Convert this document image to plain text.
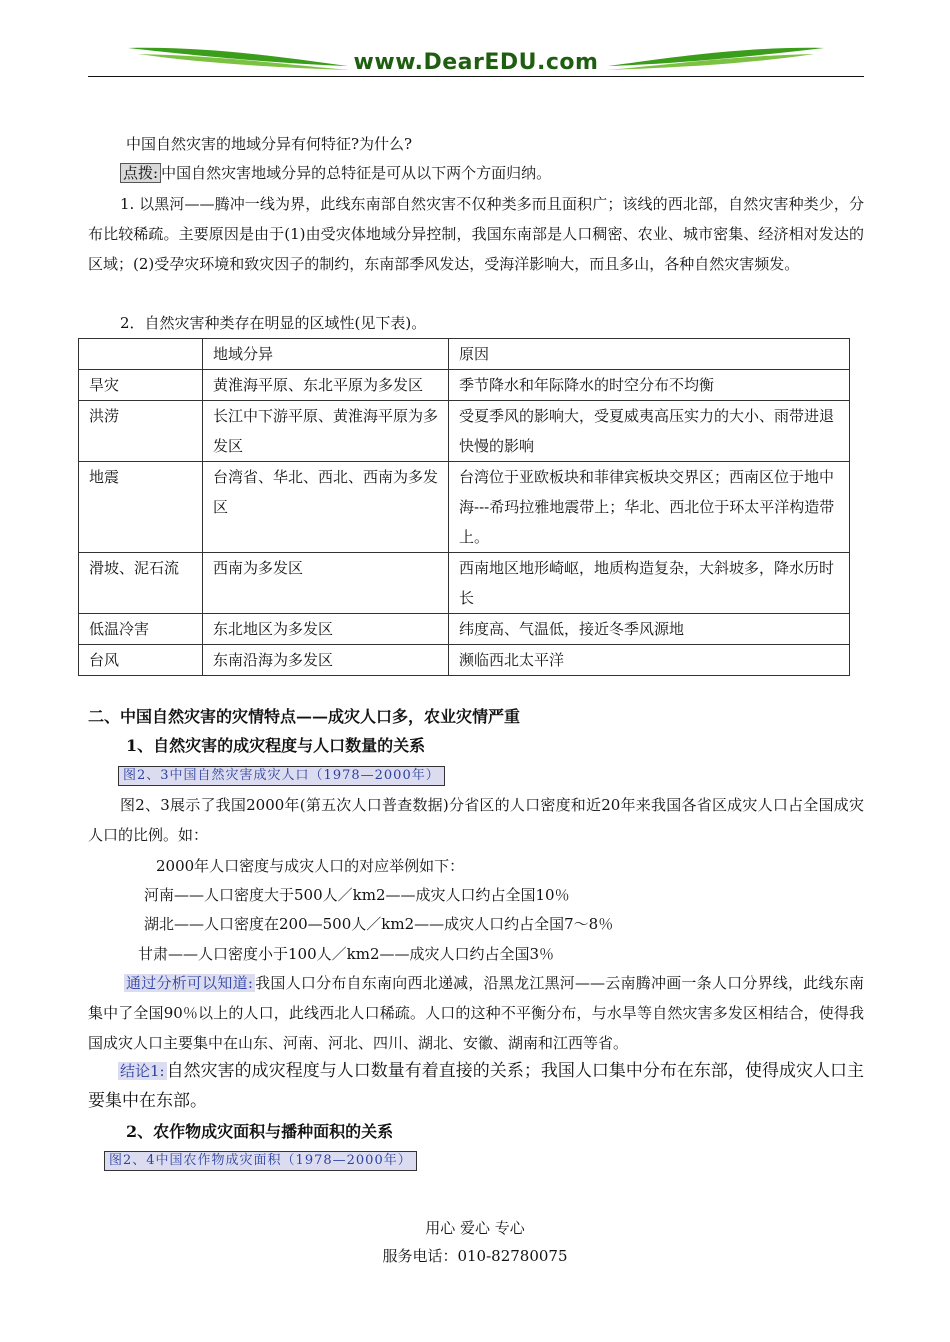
www.DearEDU.com

中国自然灾害的地域分异有何特征?为什么?

点拨: 中国自然灾害地域分异的总特征是可从以下两个方面归纳。

1. 以黑河——腾冲一线为界，此线东南部自然灾害不仅种类多而且面积广；该线的西北部，自然灾害种类少，分布比较稀疏。主要原因是由于(1)由受灾体地域分异控制，我国东南部是人口稠密、农业、城市密集、经济相对发达的区域；(2)受孕灾环境和致灾因子的制约，东南部季风发达，受海洋影响大，而且多山，各种自然灾害频发。

2．自然灾害种类存在明显的区域性(见下表)。

	地域分异	原因
旱灾	黄淮海平原、东北平原为多发区	季节降水和年际降水的时空分布不均衡
洪涝	长江中下游平原、黄淮海平原为多发区	受夏季风的影响大，受夏威夷高压实力的大小、雨带进退快慢的影响
地震	台湾省、华北、西北、西南为多发区	台湾位于亚欧板块和菲律宾板块交界区；西南区位于地中海---希玛拉雅地震带上；华北、西北位于环太平洋构造带上。
滑坡、泥石流	西南为多发区	西南地区地形崎岖，地质构造复杂，大斜坡多，降水历时长
低温冷害	东北地区为多发区	纬度高、气温低，接近冬季风源地
台风	东南沿海为多发区	濒临西北太平洋
二、中国自然灾害的灾情特点——成灾人口多，农业灾情严重
1、自然灾害的成灾程度与人口数量的关系
图2、3中国自然灾害成灾人口（1978—2000年）

图2、3展示了我国2000年(第五次人口普查数据)分省区的人口密度和近20年来我国各省区成灾人口占全国成灾人口的比例。如：

2000年人口密度与成灾人口的对应举例如下：

河南——人口密度大于500人／km2——成灾人口约占全国10％

湖北——人口密度在200—500人／km2——成灾人口约占全国7～8％

甘肃——人口密度小于100人／km2——成灾人口约占全国3％

通过分析可以知道: 我国人口分布自东南向西北递减，沿黑龙江黑河——云南腾冲画一条人口分界线，此线东南集中了全国90％以上的人口，此线西北人口稀疏。人口的这种不平衡分布，与水旱等自然灾害多发区相结合，使得我国成灾人口主要集中在山东、河南、河北、四川、湖北、安徽、湖南和江西等省。

结论1: 自然灾害的成灾程度与人口数量有着直接的关系；我国人口集中分布在东部，使得成灾人口主要集中在东部。

2、农作物成灾面积与播种面积的关系
图2、4中国农作物成灾面积（1978—2000年）
用心 爱心 专心
服务电话：010-82780075
